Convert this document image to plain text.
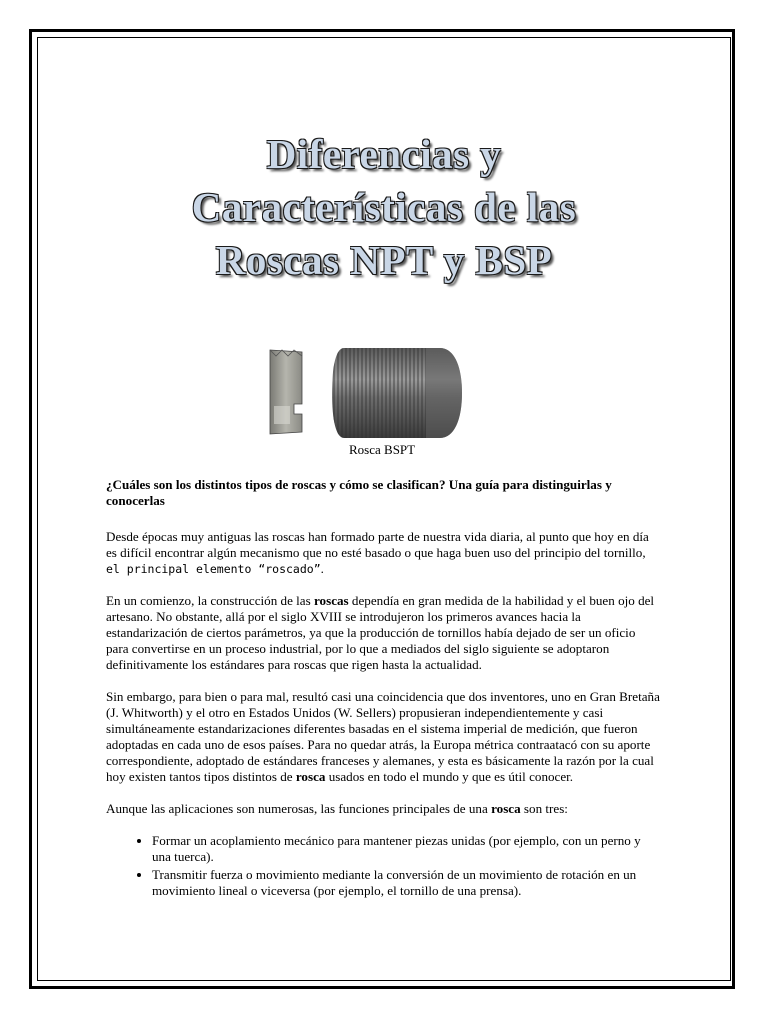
Diferencias y
Características de las
Roscas NPT y BSP
Rosca BSPT

¿Cuáles son los distintos tipos de roscas y cómo se clasifican? Una guía para distinguirlas y conocerlas

Desde épocas muy antiguas las roscas han formado parte de nuestra vida diaria, al punto que hoy en día es difícil encontrar algún mecanismo que no esté basado o que haga buen uso del principio del tornillo, el principal elemento “roscado”.

En un comienzo, la construcción de las roscas dependía en gran medida de la habilidad y el buen ojo del artesano. No obstante, allá por el siglo XVIII se introdujeron los primeros avances hacia la estandarización de ciertos parámetros, ya que la producción de tornillos había dejado de ser un oficio para convertirse en un proceso industrial, por lo que a mediados del siglo siguiente se adoptaron definitivamente los estándares para roscas que rigen hasta la actualidad.

Sin embargo, para bien o para mal, resultó casi una coincidencia que dos inventores, uno en Gran Bretaña (J. Whitworth) y el otro en Estados Unidos (W. Sellers) propusieran independientemente y casi simultáneamente estandarizaciones diferentes basadas en el sistema imperial de medición, que fueron adoptadas en cada uno de esos países. Para no quedar atrás, la Europa métrica contraatacó con su aporte correspondiente, adoptado de estándares franceses y alemanes, y esta es básicamente la razón por la cual hoy existen tantos tipos distintos de rosca usados en todo el mundo y que es útil conocer.

Aunque las aplicaciones son numerosas, las funciones principales de una rosca son tres:

• Formar un acoplamiento mecánico para mantener piezas unidas (por ejemplo, con un perno y una tuerca).
• Transmitir fuerza o movimiento mediante la conversión de un movimiento de rotación en un movimiento lineal o viceversa (por ejemplo, el tornillo de una prensa).
